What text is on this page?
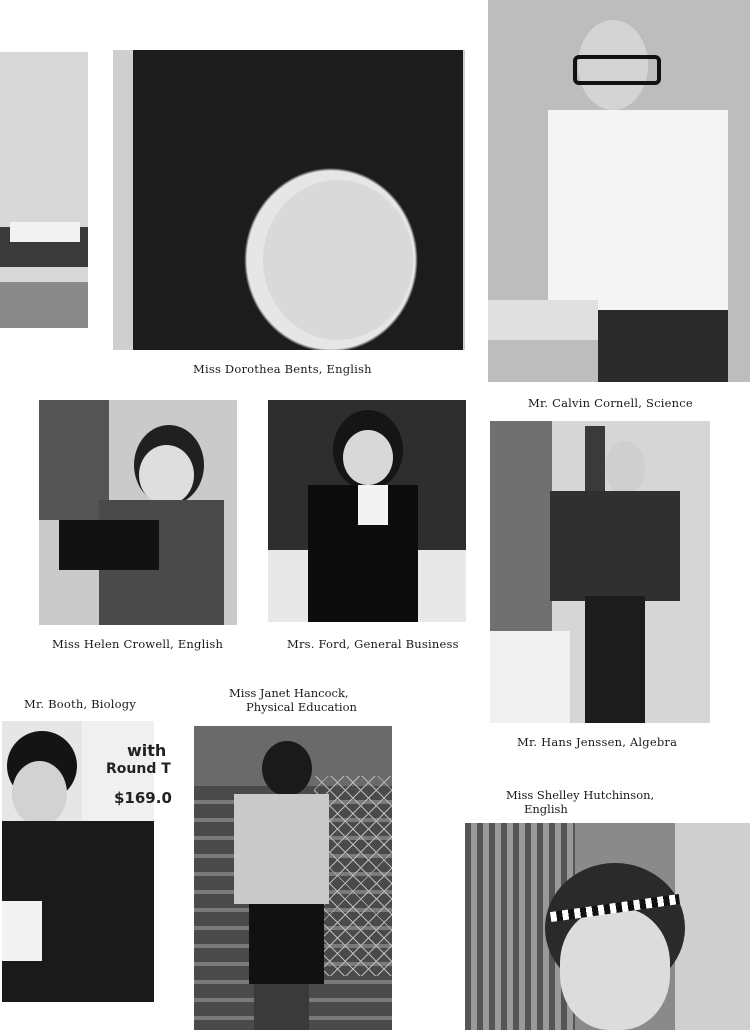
Miss Dorothea Bents, English
Mr. Calvin Cornell, Science
Miss Helen Crowell, English	Mrs. Ford, General Business
Mr. Hans Jenssen, Algebra
Mr. Booth, Biology
with
Round T
$169.0
Miss Janet Hancock,
Physical Education
Miss Shelley Hutchinson,
English
